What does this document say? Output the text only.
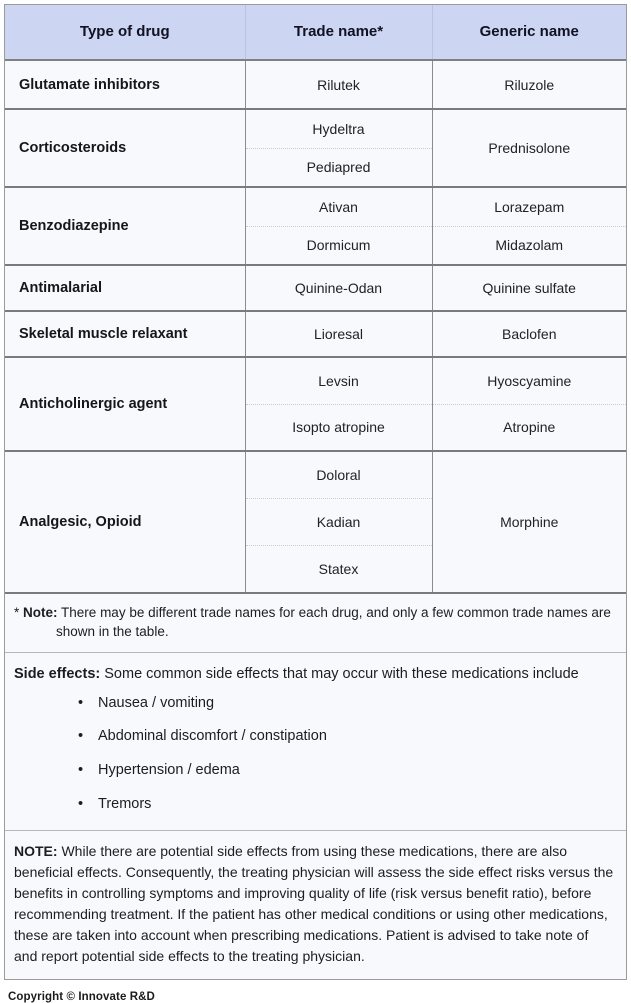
Type of drug	Trade name*	Generic name
Glutamate inhibitors	Rilutek	Riluzole
Corticosteroids	Hydeltra	Prednisolone
	Pediapred	
Benzodiazepine	Ativan	Lorazepam
	Dormicum	Midazolam
Antimalarial	Quinine-Odan	Quinine sulfate
Skeletal muscle relaxant	Lioresal	Baclofen
Anticholinergic agent	Levsin	Hyoscyamine
	Isopto atropine	Atropine
Analgesic, Opioid	Doloral	Morphine
	Kadian	
	Statex	
* Note: There may be different trade names for each drug, and only a few common trade names are shown in the table.
Side effects: Some common side effects that may occur with these medications include
• Nausea / vomiting
• Abdominal discomfort / constipation
• Hypertension / edema
• Tremors
NOTE: While there are potential side effects from using these medications, there are also beneficial effects. Consequently, the treating physician will assess the side effect risks versus the benefits in controlling symptoms and improving quality of life (risk versus benefit ratio), before recommending treatment. If the patient has other medical conditions or using other medications, these are taken into account when prescribing medications. Patient is advised to take note of and report potential side effects to the treating physician.
Copyright © Innovate R&D
